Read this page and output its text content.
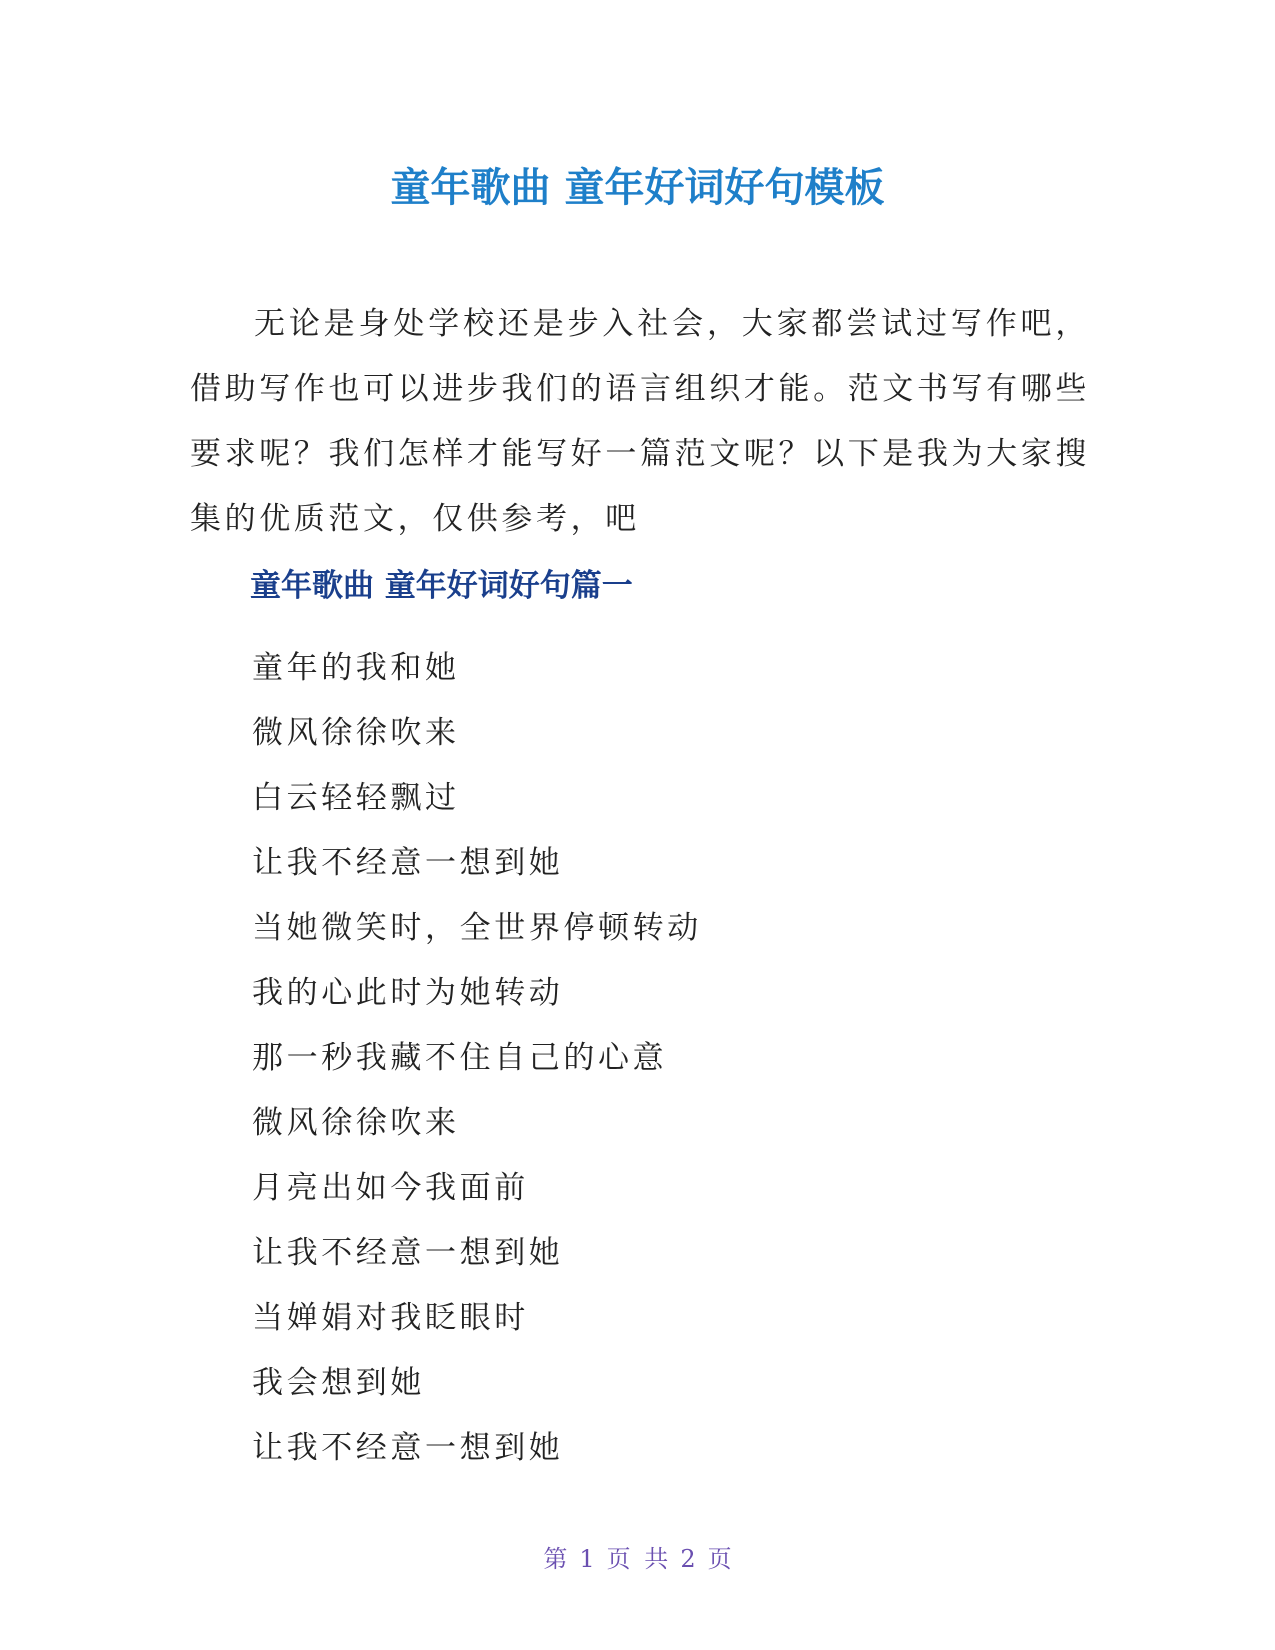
童年歌曲 童年好词好句模板

无论是身处学校还是步入社会，大家都尝试过写作吧，借助写作也可以进步我们的语言组织才能。范文书写有哪些要求呢？我们怎样才能写好一篇范文呢？以下是我为大家搜集的优质范文，仅供参考，吧

童年歌曲 童年好词好句篇一
童年的我和她
微风徐徐吹来
白云轻轻飘过
让我不经意一想到她
当她微笑时，全世界停顿转动
我的心此时为她转动
那一秒我藏不住自己的心意
微风徐徐吹来
月亮出如今我面前
让我不经意一想到她
当婵娟对我眨眼时
我会想到她
让我不经意一想到她
第 1 页 共 2 页
